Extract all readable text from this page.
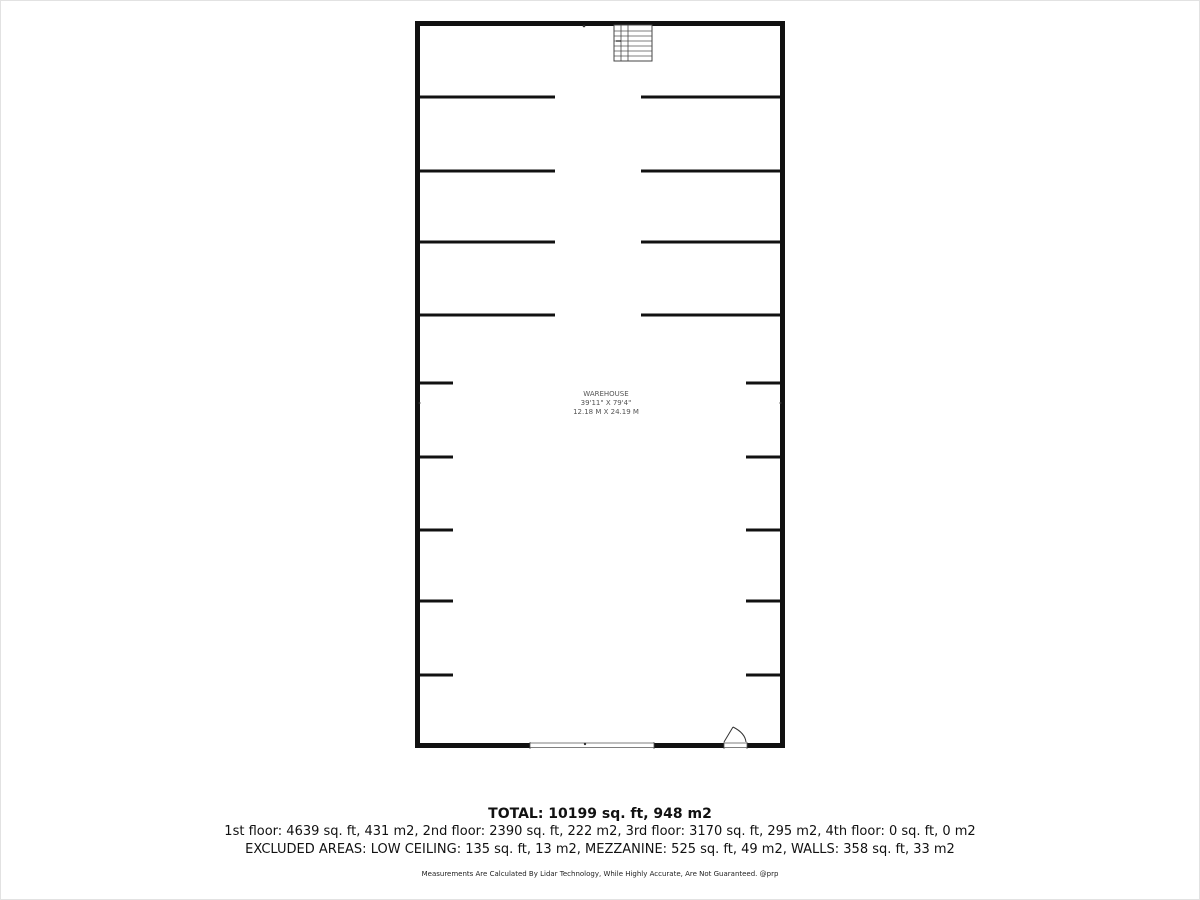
WAREHOUSE
39'11" X 79'4"
12.18 M X 24.19 M
TOTAL: 10199 sq. ft, 948 m2
1st floor: 4639 sq. ft, 431 m2, 2nd floor: 2390 sq. ft, 222 m2, 3rd floor: 3170 sq. ft, 295 m2, 4th floor: 0 sq. ft, 0 m2
EXCLUDED AREAS: LOW CEILING: 135 sq. ft, 13 m2, MEZZANINE: 525 sq. ft, 49 m2, WALLS: 358 sq. ft, 33 m2
Measurements Are Calculated By Lidar Technology, While Highly Accurate, Are Not Guaranteed. @prp
